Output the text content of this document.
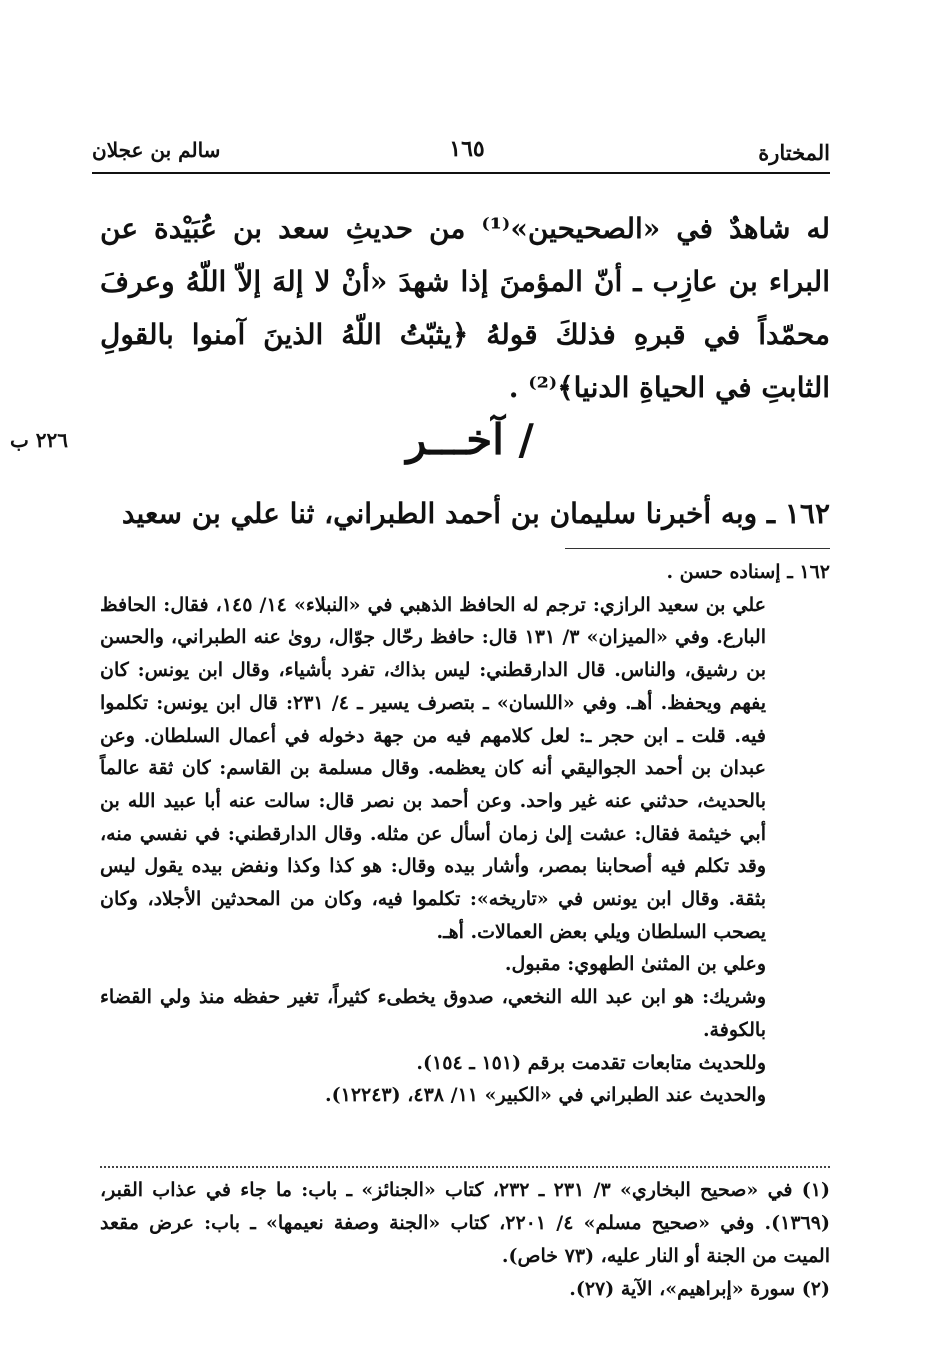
المختارة
١٦٥
سالم بن عجلان

له شاهدٌ في «الصحيحين»⁽¹⁾ من حديثِ سعد بن عُبَيْدة عن البراء بن عازِب ـ أنّ المؤمنَ إذا شهدَ «أنْ لا إلهَ إلاّ اللّهُ وعرفَ محمّداً في قبرهِ فذلكَ قولهُ ﴿يثبّتُ اللّهُ الذينَ آمنوا بالقولِ الثابتِ في الحياةِ الدنيا﴾⁽²⁾ .

/ آخـــر
٢٢٦ ب
١٦٢ ـ وبه أخبرنا سليمان بن أحمد الطبراني، ثنا علي بن سعيد

١٦٢ ـ إسناده حسن .

علي بن سعيد الرازي: ترجم له الحافظ الذهبي في «النبلاء» ١٤/ ١٤٥، فقال: الحافظ البارع. وفي «الميزان» ٣/ ١٣١ قال: حافظ رحّال جوّال، روىٰ عنه الطبراني، والحسن بن رشيق، والناس. قال الدارقطني: ليس بذاك، تفرد بأشياء، وقال ابن يونس: كان يفهم ويحفظ. أهـ. وفي «اللسان» ـ بتصرف يسير ـ ٤/ ٢٣١: قال ابن يونس: تكلموا فيه. قلت ـ ابن حجر ـ: لعل كلامهم فيه من جهة دخوله في أعمال السلطان. وعن عبدان بن أحمد الجواليقي أنه كان يعظمه. وقال مسلمة بن القاسم: كان ثقة عالماً بالحديث، حدثني عنه غير واحد. وعن أحمد بن نصر قال: سالت عنه أبا عبيد الله بن أبي خيثمة فقال: عشت إلىٰ زمان أسأل عن مثله. وقال الدارقطني: في نفسي منه، وقد تكلم فيه أصحابنا بمصر، وأشار بيده وقال: هو كذا وكذا ونفض بيده يقول ليس بثقة. وقال ابن يونس في «تاريخه»: تكلموا فيه، وكان من المحدثين الأجلاد، وكان يصحب السلطان ويلي بعض العمالات. أهـ.

وعلي بن المثنىٰ الطهوي: مقبول.

وشريك: هو ابن عبد الله النخعي، صدوق يخطىء كثيراً، تغير حفظه منذ ولي القضاء بالكوفة.

وللحديث متابعات تقدمت برقم (١٥١ ـ ١٥٤).

والحديث عند الطبراني في «الكبير» ١١/ ٤٣٨، (١٢٢٤٣).

(١) في «صحيح البخاري» ٣/ ٢٣١ ـ ٢٣٢، كتاب «الجنائز» ـ باب: ما جاء في عذاب القبر، (١٣٦٩). وفي «صحيح مسلم» ٤/ ٢٢٠١، كتاب «الجنة وصفة نعيمها» ـ باب: عرض مقعد الميت من الجنة أو النار عليه، (٧٣ خاص).

(٢) سورة «إبراهيم»، الآية (٢٧).
